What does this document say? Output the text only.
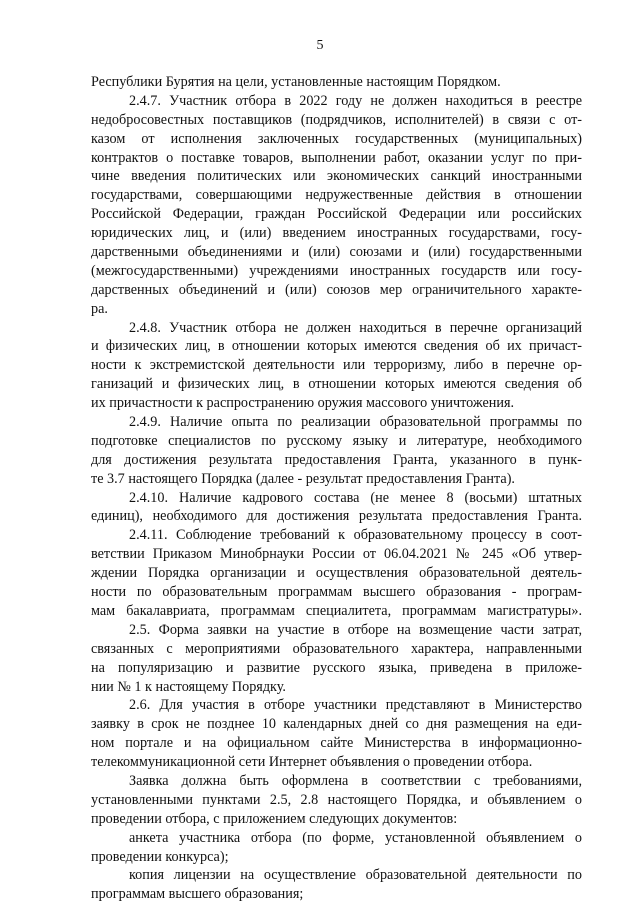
5
Республики Бурятия на цели, установленные настоящим Порядком.
2.4.7. Участник отбора в 2022 году не должен находиться в реестре
недобросовестных поставщиков (подрядчиков, исполнителей) в связи с от-
казом от исполнения заключенных государственных (муниципальных)
контрактов о поставке товаров, выполнении работ, оказании услуг по при-
чине введения политических или экономических санкций иностранными
государствами, совершающими недружественные действия в отношении
Российской Федерации, граждан Российской Федерации или российских
юридических лиц, и (или) введением иностранных государствами, госу-
дарственными объединениями и (или) союзами и (или) государственными
(межгосударственными) учреждениями иностранных государств или госу-
дарственных объединений и (или) союзов мер ограничительного характе-
ра.
2.4.8. Участник отбора не должен находиться в перечне организаций
и физических лиц, в отношении которых имеются сведения об их причаст-
ности к экстремистской деятельности или терроризму, либо в перечне ор-
ганизаций и физических лиц, в отношении которых имеются сведения об
их причастности к распространению оружия массового уничтожения.
2.4.9. Наличие опыта по реализации образовательной программы по
подготовке специалистов по русскому языку и литературе, необходимого
для достижения результата предоставления Гранта, указанного в пунк-
те 3.7 настоящего Порядка (далее - результат предоставления Гранта).
2.4.10. Наличие кадрового состава (не менее 8 (восьми) штатных
единиц), необходимого для достижения результата предоставления Гранта.
2.4.11. Соблюдение требований к образовательному процессу в соот-
ветствии Приказом Минобрнауки России от 06.04.2021 № 245 «Об утвер-
ждении Порядка организации и осуществления образовательной деятель-
ности по образовательным программам высшего образования - програм-
мам бакалавриата, программам специалитета, программам магистратуры».
2.5. Форма заявки на участие в отборе на возмещение части затрат,
связанных с мероприятиями образовательного характера, направленными
на популяризацию и развитие русского языка, приведена в приложе-
нии № 1 к настоящему Порядку.
2.6. Для участия в отборе участники представляют в Министерство
заявку в срок не позднее 10 календарных дней со дня размещения на еди-
ном портале и на официальном сайте Министерства в информационно-
телекоммуникационной сети Интернет объявления о проведении отбора.
Заявка должна быть оформлена в соответствии с требованиями,
установленными пунктами 2.5, 2.8 настоящего Порядка, и объявлением о
проведении отбора, с приложением следующих документов:
анкета участника отбора (по форме, установленной объявлением о
проведении конкурса);
копия лицензии на осуществление образовательной деятельности по
программам высшего образования;
